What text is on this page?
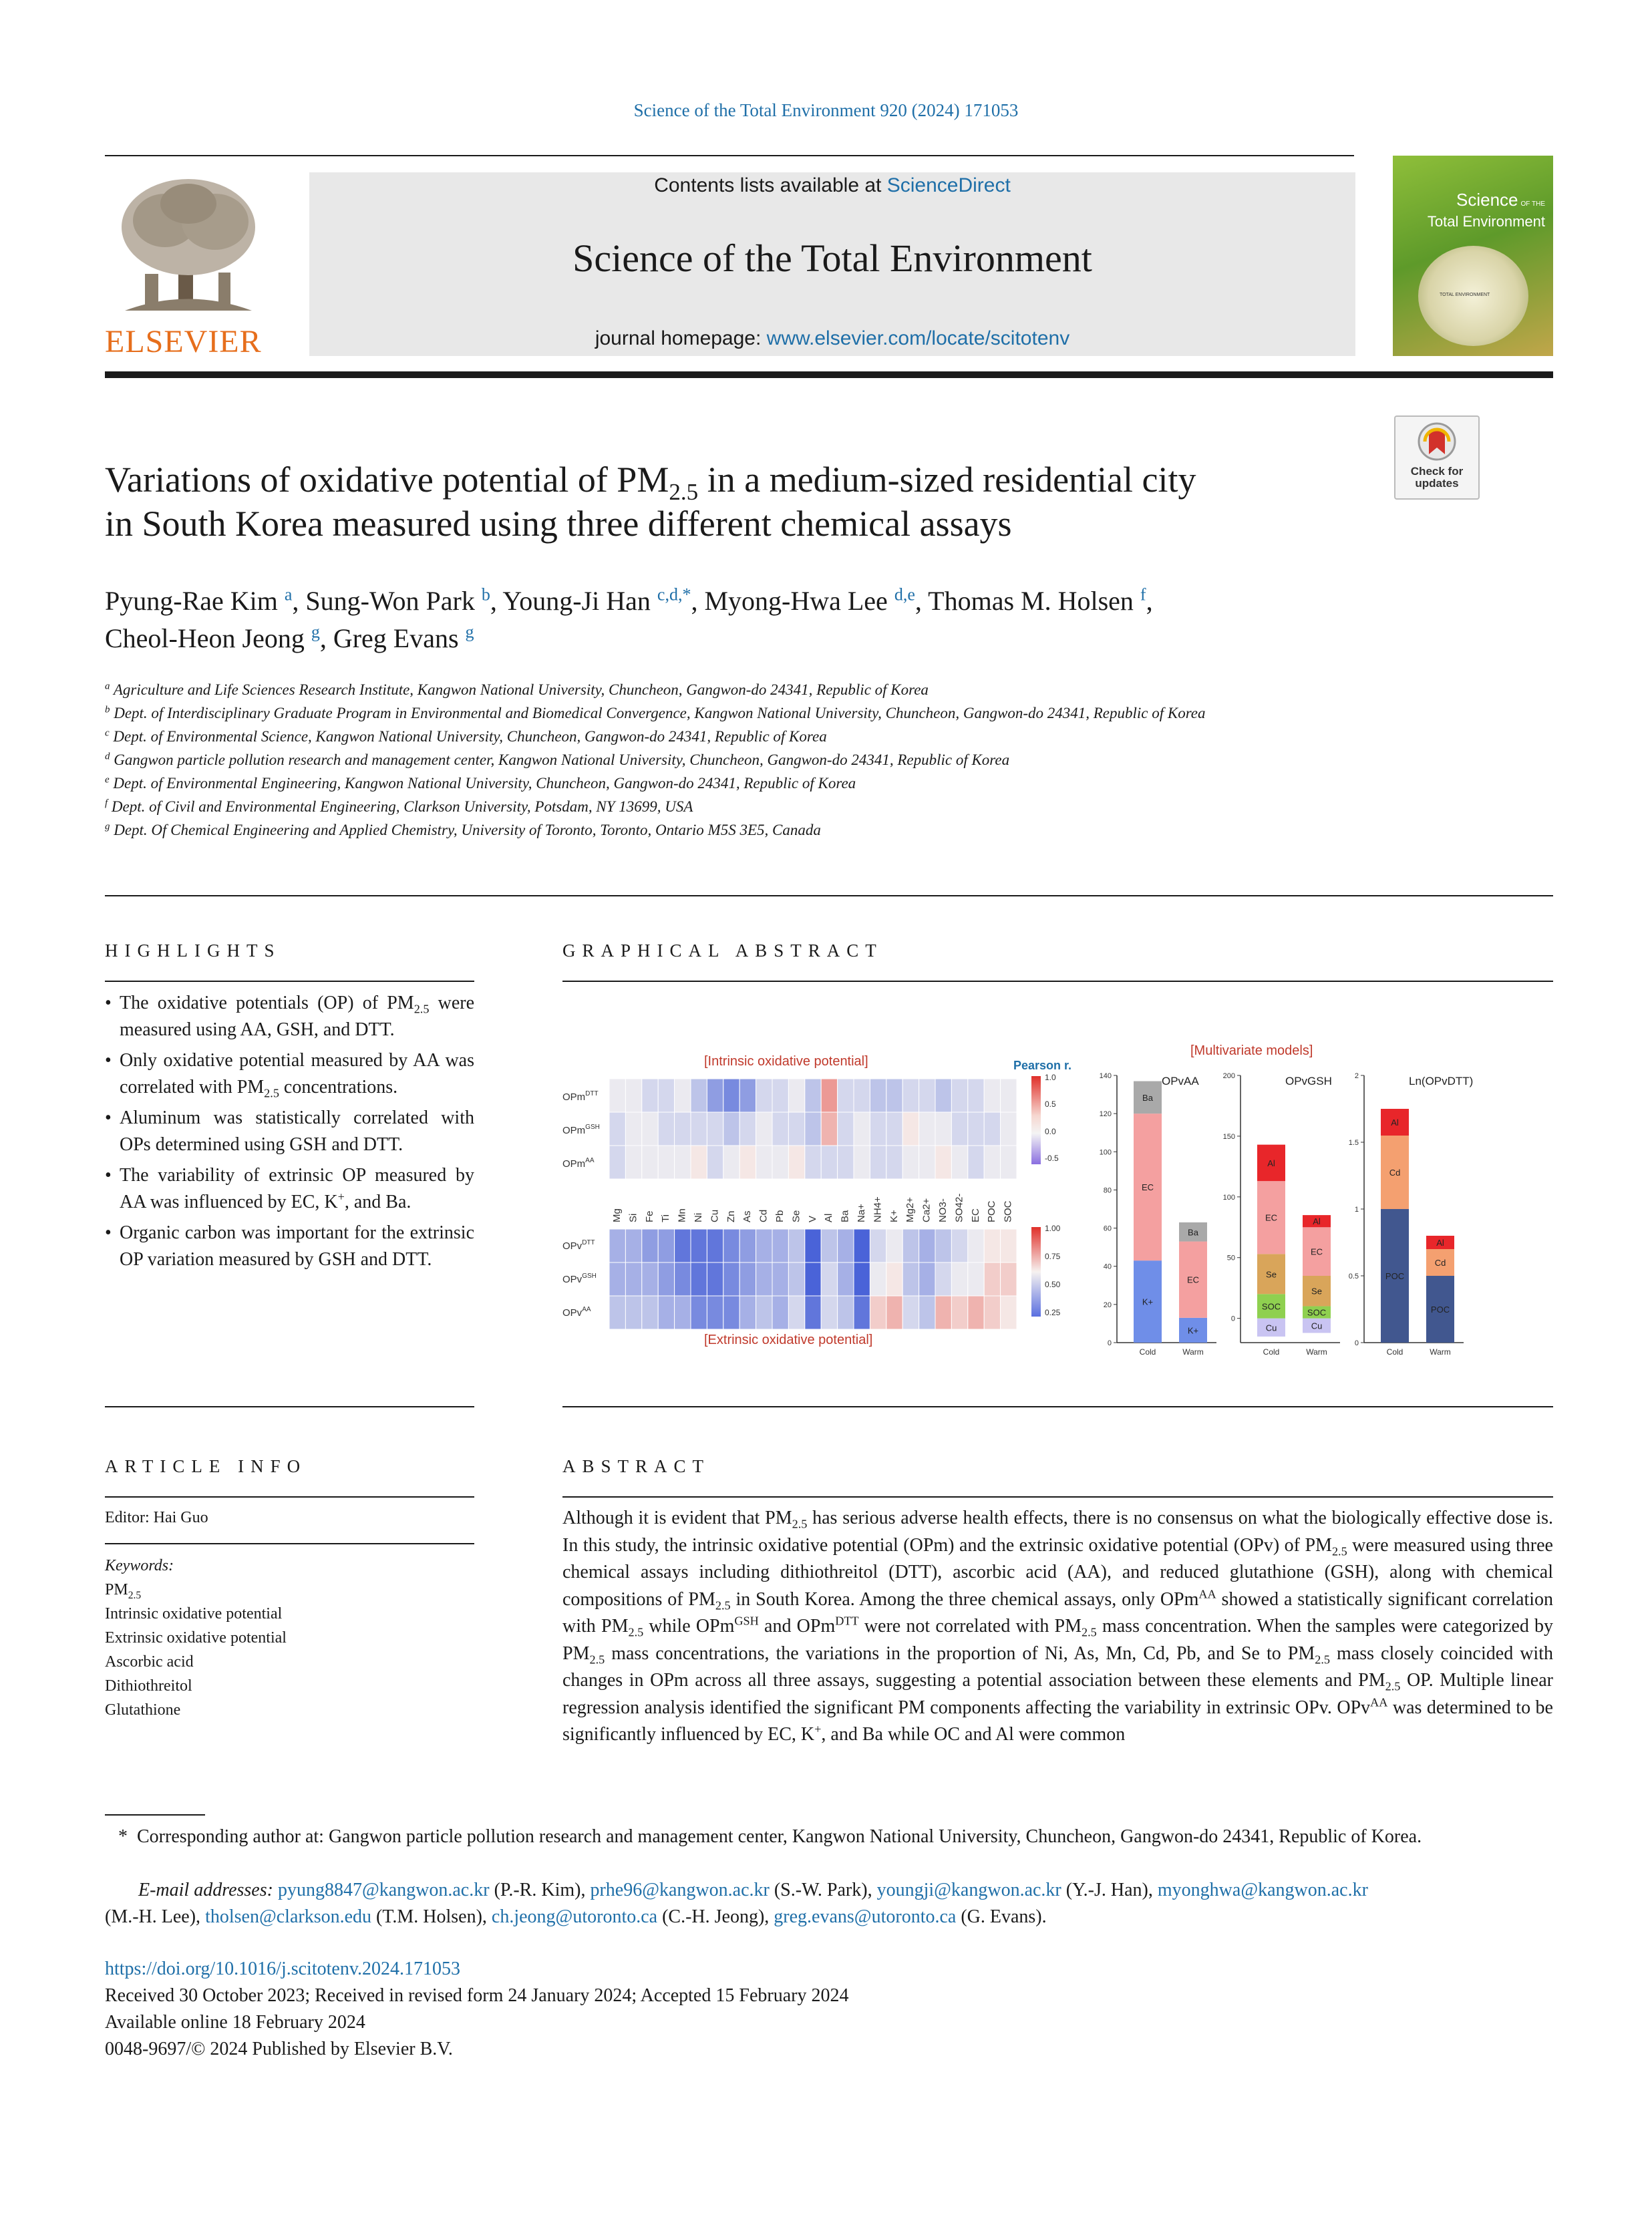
Science of the Total Environment 920 (2024) 171053
ELSEVIER
Contents lists available at ScienceDirect
Science of the Total Environment
journal homepage: www.elsevier.com/locate/scitotenv
Science OF THE
Total Environment
TOTAL ENVIRONMENT
Variations of oxidative potential of $PM_{2.5}$ in a medium-sized residential city
in South Korea measured using three different chemical assays
Check for updates
Pyung-Rae Kim $^a$, Sung-Won Park $^b$, Young-Ji Han $^{c,d,*}$, Myong-Hwa Lee $^{d,e}$, Thomas M. Holsen $^f$,
Cheol-Heon Jeong $^g$, Greg Evans $^g$
$^a$ Agriculture and Life Sciences Research Institute, Kangwon National University, Chuncheon, Gangwon-do 24341, Republic of Korea
$^b$ Dept. of Interdisciplinary Graduate Program in Environmental and Biomedical Convergence, Kangwon National University, Chuncheon, Gangwon-do 24341, Republic of Korea
$^c$ Dept. of Environmental Science, Kangwon National University, Chuncheon, Gangwon-do 24341, Republic of Korea
$^d$ Gangwon particle pollution research and management center, Kangwon National University, Chuncheon, Gangwon-do 24341, Republic of Korea
$^e$ Dept. of Environmental Engineering, Kangwon National University, Chuncheon, Gangwon-do 24341, Republic of Korea
$^f$ Dept. of Civil and Environmental Engineering, Clarkson University, Potsdam, NY 13699, USA
$^g$ Dept. Of Chemical Engineering and Applied Chemistry, University of Toronto, Toronto, Ontario M5S 3E5, Canada
HIGHLIGHTS
• The oxidative potentials (OP) of $PM_{2.5}$ were measured using AA, GSH, and DTT.
• Only oxidative potential measured by AA was correlated with $PM_{2.5}$ concentrations.
• Aluminum was statistically correlated with OPs determined using GSH and DTT.
• The variability of extrinsic OP measured by AA was influenced by EC, K+, and Ba.
• Organic carbon was important for the extrinsic OP variation measured by GSH and DTT.
GRAPHICAL ABSTRACT
[Intrinsic oxidative potential]
[Extrinsic oxidative potential]
Pearson r.
[Multivariate models]
OPm$^{DTT}$
OPm$^{GSH}$
OPm$^{AA}$
OPv$^{DTT}$
OPv$^{GSH}$
OPv$^{AA}$
Mg Si Fe Ti Mn Ni Cu Zn As Cd Pb Se V Al Ba Na+ NH4+ K+ Mg2+ Ca2+ NO3- SO42- EC POC SOC
1.0
0.5
0.0
-0.5
1.00
0.75
0.50
0.25
0
20
40
60
80
100
120
140	OPvAA
K+
EC
Ba
Cold
K+
EC
Ba
Warm
0
50
100
150
200	OPvGSH
Cu
SOC
Se
EC
Al
Cold
Cu
SOC
Se
EC
Al
Warm
0
0.5
1
1.5
2	Ln(OPvDTT)
POC
Cd
Al
Cold
POC
Cd
Al
Warm
ARTICLE INFO
Editor: Hai Guo
Keywords:
$PM_{2.5}$
Intrinsic oxidative potential
Extrinsic oxidative potential
Ascorbic acid
Dithiothreitol
Glutathione
ABSTRACT
Although it is evident that $PM_{2.5}$ has serious adverse health effects, there is no consensus on what the biologically effective dose is. In this study, the intrinsic oxidative potential (OPm) and the extrinsic oxidative potential (OPv) of $PM_{2.5}$ were measured using three chemical assays including dithiothreitol (DTT), ascorbic acid (AA), and reduced glutathione (GSH), along with chemical compositions of $PM_{2.5}$ in South Korea. Among the three chemical assays, only OPm$^{AA}$ showed a statistically significant correlation with $PM_{2.5}$ while OPm$^{GSH}$ and OPm$^{DTT}$ were not correlated with $PM_{2.5}$ mass concentration. When the samples were categorized by $PM_{2.5}$ mass concentrations, the variations in the proportion of Ni, As, Mn, Cd, Pb, and Se to $PM_{2.5}$ mass closely coincided with changes in OPm across all three assays, suggesting a potential association between these elements and $PM_{2.5}$ OP. Multiple linear regression analysis identified the significant PM components affecting the variability in extrinsic OPv. OPv$^{AA}$ was determined to be significantly influenced by EC, K+, and Ba while OC and Al were common
* Corresponding author at: Gangwon particle pollution research and management center, Kangwon National University, Chuncheon, Gangwon-do 24341, Republic of Korea.
E-mail addresses: pyung8847@kangwon.ac.kr (P.-R. Kim), prhe96@kangwon.ac.kr (S.-W. Park), youngji@kangwon.ac.kr (Y.-J. Han), myonghwa@kangwon.ac.kr
(M.-H. Lee), tholsen@clarkson.edu (T.M. Holsen), ch.jeong@utoronto.ca (C.-H. Jeong), greg.evans@utoronto.ca (G. Evans).
https://doi.org/10.1016/j.scitotenv.2024.171053
Received 30 October 2023; Received in revised form 24 January 2024; Accepted 15 February 2024
Available online 18 February 2024
0048-9697/© 2024 Published by Elsevier B.V.
